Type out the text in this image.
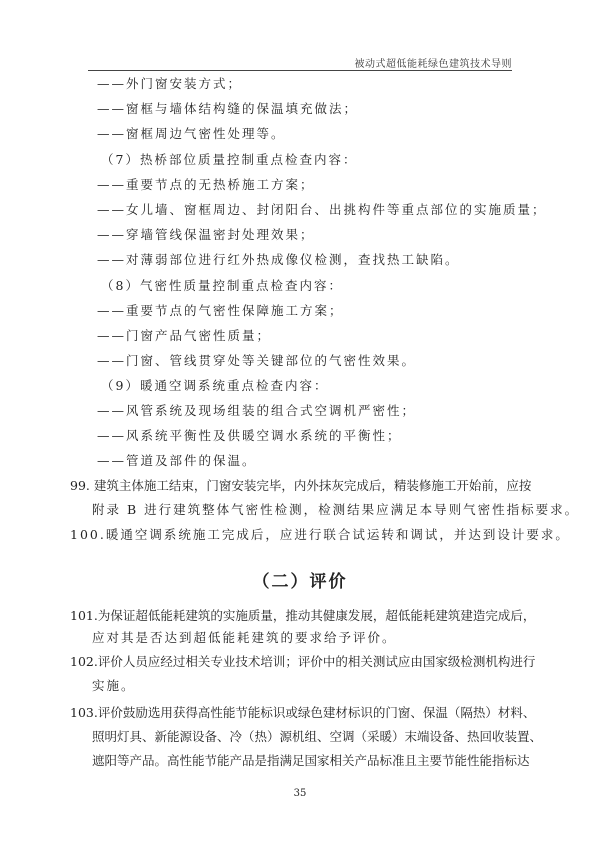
被动式超低能耗绿色建筑技术导则
——外门窗安装方式；
——窗框与墙体结构缝的保温填充做法；
——窗框周边气密性处理等。
（7）热桥部位质量控制重点检查内容：
——重要节点的无热桥施工方案；
——女儿墙、窗框周边、封闭阳台、出挑构件等重点部位的实施质量；
——穿墙管线保温密封处理效果；
——对薄弱部位进行红外热成像仪检测，查找热工缺陷。
（8）气密性质量控制重点检查内容：
——重要节点的气密性保障施工方案；
——门窗产品气密性质量；
——门窗、管线贯穿处等关键部位的气密性效果。
（9）暖通空调系统重点检查内容：
——风管系统及现场组装的组合式空调机严密性；
——风系统平衡性及供暖空调水系统的平衡性；
——管道及部件的保温。
99. 建筑主体施工结束，门窗安装完毕，内外抹灰完成后，精装修施工开始前，应按
附录 B 进行建筑整体气密性检测，检测结果应满足本导则气密性指标要求。
100.暖通空调系统施工完成后，应进行联合试运转和调试，并达到设计要求。
（二）评价
101.为保证超低能耗建筑的实施质量，推动其健康发展，超低能耗建筑建造完成后，
应对其是否达到超低能耗建筑的要求给予评价。
102.评价人员应经过相关专业技术培训；评价中的相关测试应由国家级检测机构进行
实施。
103.评价鼓励选用获得高性能节能标识或绿色建材标识的门窗、保温（隔热）材料、
照明灯具、新能源设备、冷（热）源机组、空调（采暖）末端设备、热回收装置、
遮阳等产品。高性能节能产品是指满足国家相关产品标准且主要节能性能指标达
35
